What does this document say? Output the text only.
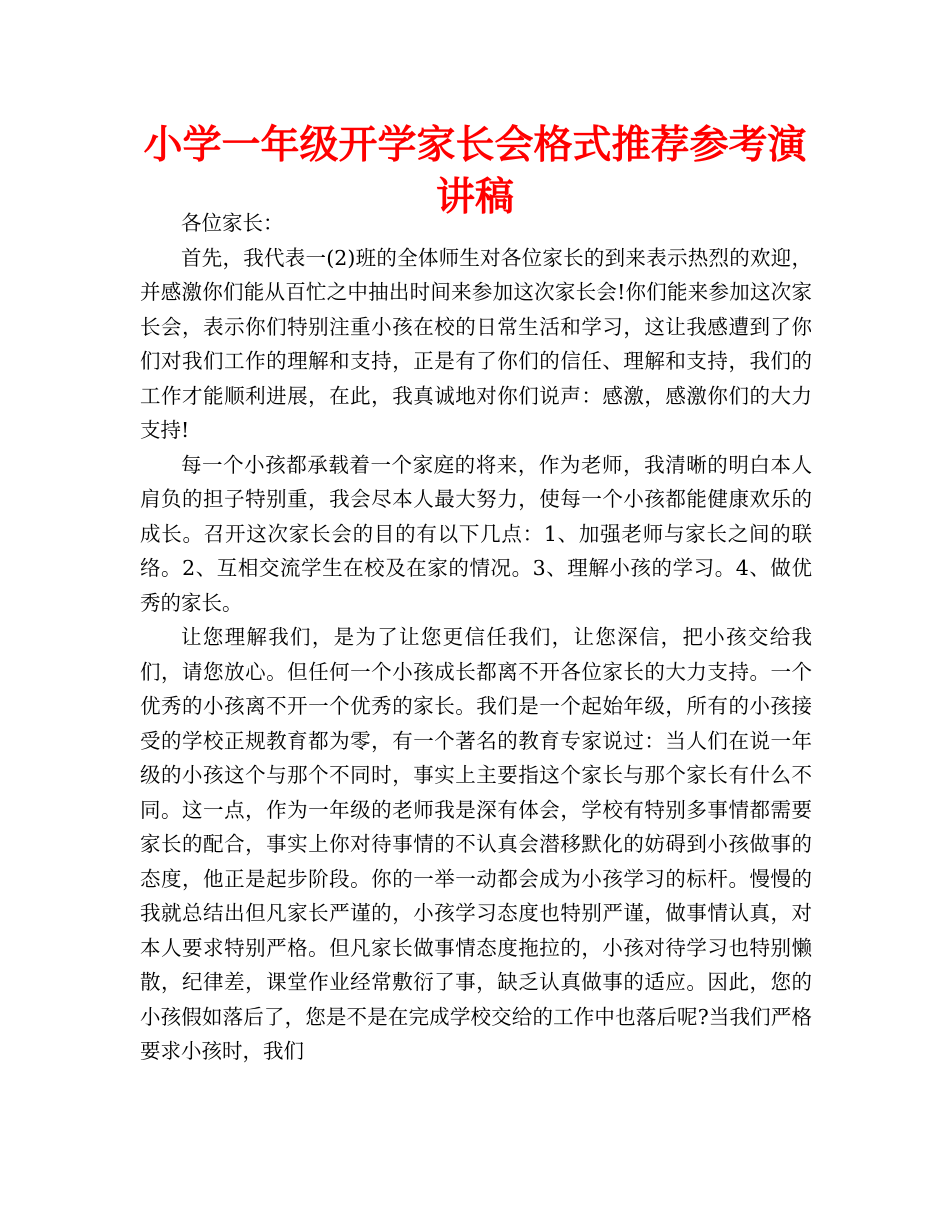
小学一年级开学家长会格式推荐参考演讲稿

各位家长：

首先，我代表一(2)班的全体师生对各位家长的到来表示热烈的欢迎，并感激你们能从百忙之中抽出时间来参加这次家长会!你们能来参加这次家长会，表示你们特别注重小孩在校的日常生活和学习，这让我感遭到了你们对我们工作的理解和支持，正是有了你们的信任、理解和支持，我们的工作才能顺利进展，在此，我真诚地对你们说声：感激，感激你们的大力支持!

每一个小孩都承载着一个家庭的将来，作为老师，我清晰的明白本人肩负的担子特别重，我会尽本人最大努力，使每一个小孩都能健康欢乐的成长。召开这次家长会的目的有以下几点：1、加强老师与家长之间的联络。2、互相交流学生在校及在家的情况。3、理解小孩的学习。4、做优秀的家长。

让您理解我们，是为了让您更信任我们，让您深信，把小孩交给我们，请您放心。但任何一个小孩成长都离不开各位家长的大力支持。一个优秀的小孩离不开一个优秀的家长。我们是一个起始年级，所有的小孩接受的学校正规教育都为零，有一个著名的教育专家说过：当人们在说一年级的小孩这个与那个不同时，事实上主要指这个家长与那个家长有什么不同。这一点，作为一年级的老师我是深有体会，学校有特别多事情都需要家长的配合，事实上你对待事情的不认真会潜移默化的妨碍到小孩做事的态度，他正是起步阶段。你的一举一动都会成为小孩学习的标杆。慢慢的我就总结出但凡家长严谨的，小孩学习态度也特别严谨，做事情认真，对本人要求特别严格。但凡家长做事情态度拖拉的，小孩对待学习也特别懒散，纪律差，课堂作业经常敷衍了事，缺乏认真做事的适应。因此，您的小孩假如落后了，您是不是在完成学校交给的工作中也落后呢?当我们严格要求小孩时，我们
